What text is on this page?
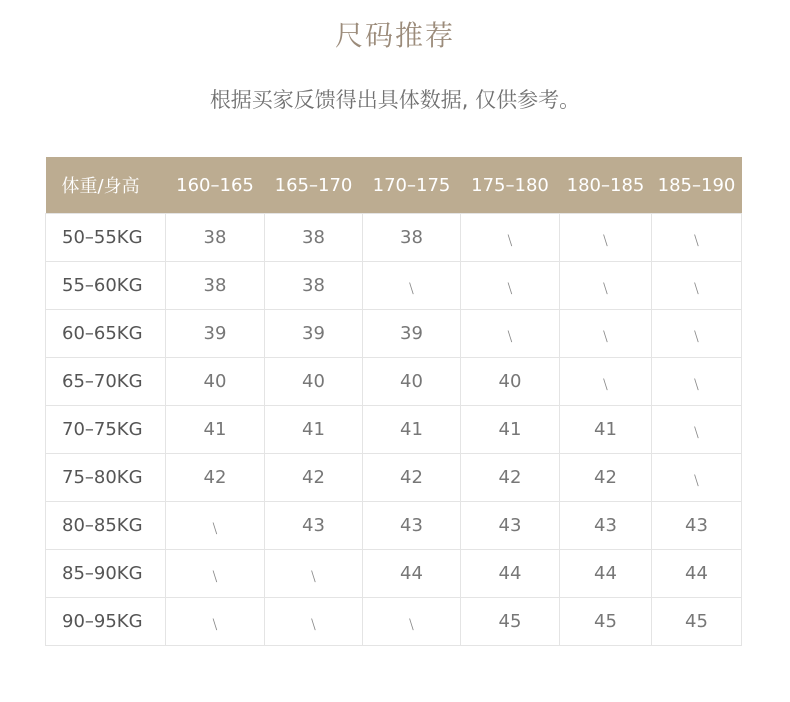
尺码推荐
根据买家反馈得出具体数据, 仅供参考。
体重/身高	160–165	165–170	170–175	175–180	180–185	185–190
50–55KG	38	38	38	﹨	﹨	﹨
55–60KG	38	38	﹨	﹨	﹨	﹨
60–65KG	39	39	39	﹨	﹨	﹨
65–70KG	40	40	40	40	﹨	﹨
70–75KG	41	41	41	41	41	﹨
75–80KG	42	42	42	42	42	﹨
80–85KG	﹨	43	43	43	43	43
85–90KG	﹨	﹨	44	44	44	44
90–95KG	﹨	﹨	﹨	45	45	45
